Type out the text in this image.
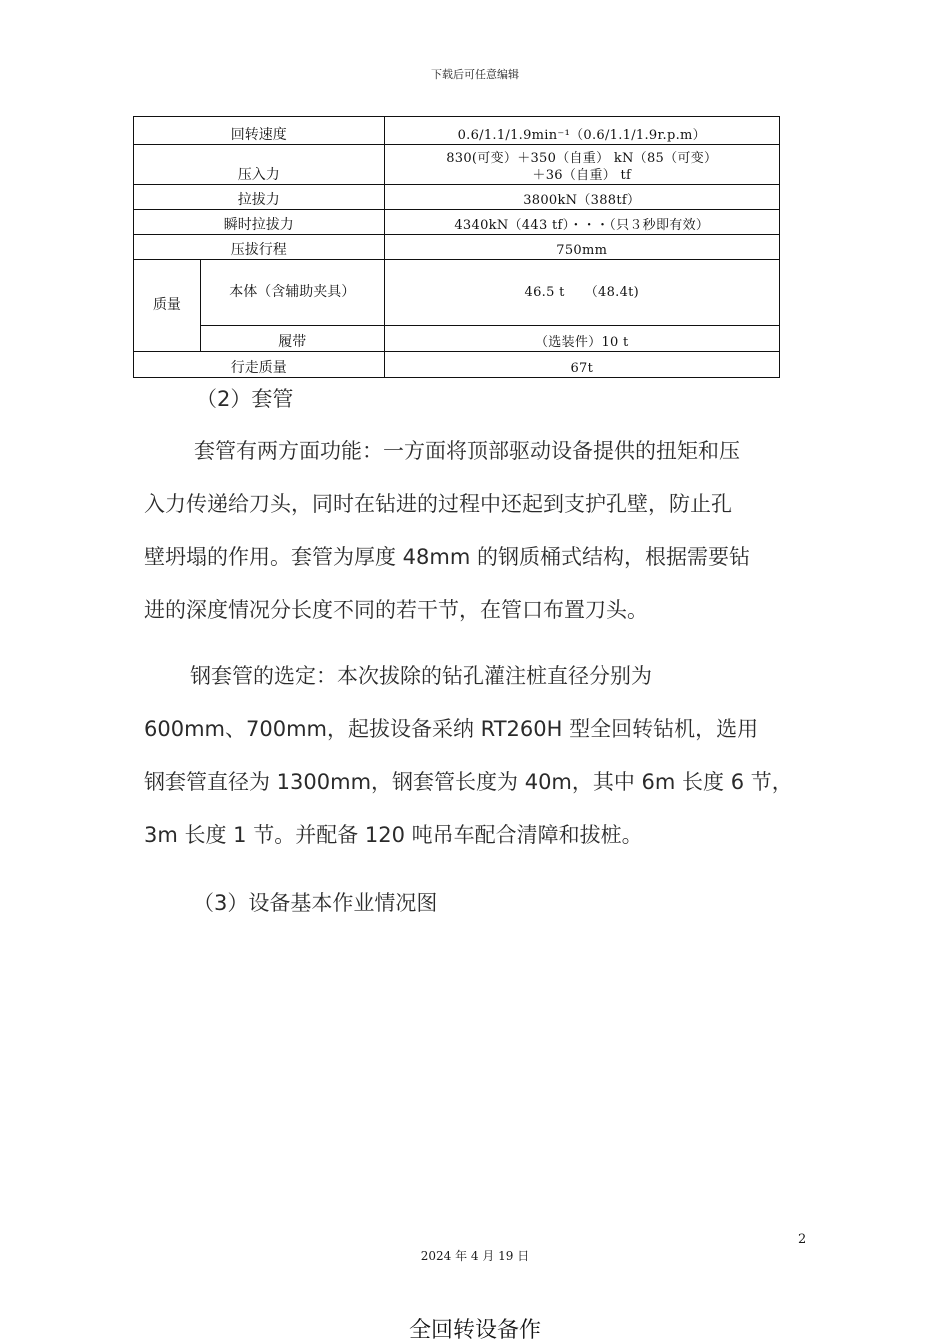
下载后可任意编辑
回转速度		0.6/1.1/1.9min⁻¹（0.6/1.1/1.9r.p.m）
压入力		830(可变）＋350（自重） kN（85（可变）
＋36（自重） tf

拉拔力		3800kN（388tf）
瞬时拉拔力		4340kN（443 tf）・・・（只３秒即有效）
压拔行程		750mm
质量	本体（含辅助夹具）	46.5 t　　（48.4t)
	履带	（选装件）10 t
行走质量		67t
（2）套管
套管有两方面功能：一方面将顶部驱动设备提供的扭矩和压
入力传递给刀头，同时在钻进的过程中还起到支护孔壁，防止孔
壁坍塌的作用。套管为厚度 48mm 的钢质桶式结构，根据需要钻
进的深度情况分长度不同的若干节，在管口布置刀头。
钢套管的选定：本次拔除的钻孔灌注桩直径分别为
600mm、700mm，起拔设备采纳 RT260H 型全回转钻机，选用
钢套管直径为 1300mm，钢套管长度为 40m，其中 6m 长度 6 节，
3m 长度 1 节。并配备 120 吨吊车配合清障和拔桩。
（3）设备基本作业情况图
2
2024 年 4 月 19 日
全回转设备作
